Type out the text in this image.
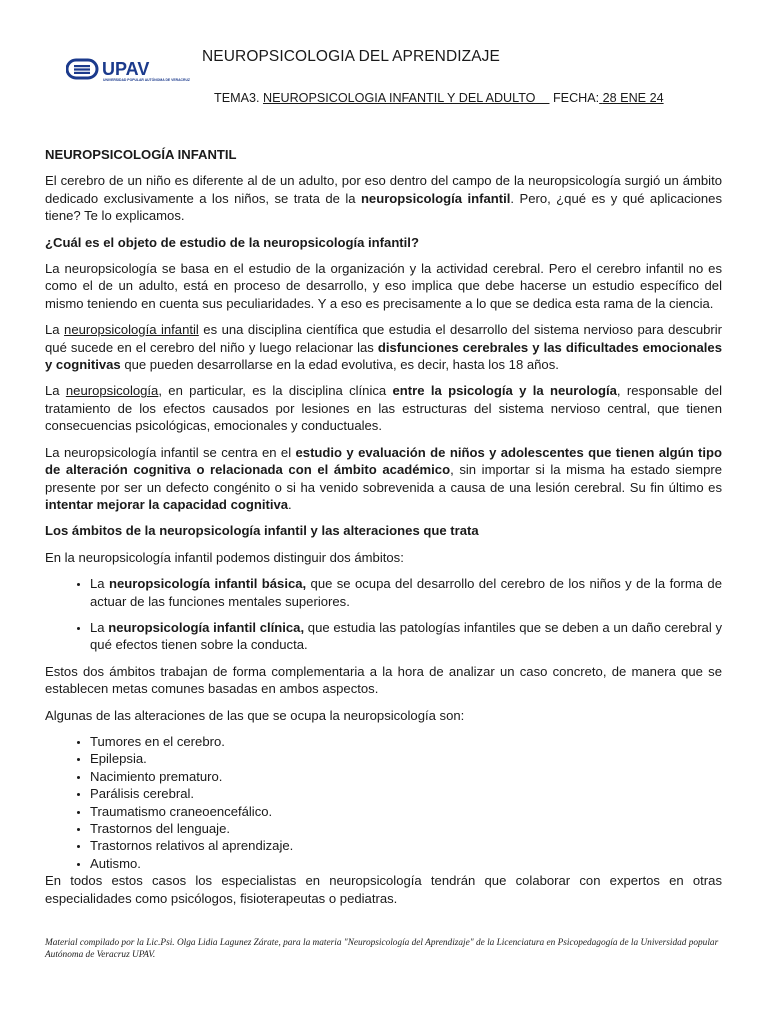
UPAV
UNIVERSIDAD POPULAR AUTÓNOMA DE VERACRUZ
NEUROPSICOLOGIA DEL APRENDIZAJE
TEMA3. NEUROPSICOLOGIA INFANTIL Y DEL ADULTO FECHA: 28 ENE 24

NEUROPSICOLOGÍA INFANTIL

El cerebro de un niño es diferente al de un adulto, por eso dentro del campo de la neuropsicología surgió un ámbito dedicado exclusivamente a los niños, se trata de la neuropsicología infantil. Pero, ¿qué es y qué aplicaciones tiene? Te lo explicamos.

¿Cuál es el objeto de estudio de la neuropsicología infantil?

La neuropsicología se basa en el estudio de la organización y la actividad cerebral. Pero el cerebro infantil no es como el de un adulto, está en proceso de desarrollo, y eso implica que debe hacerse un estudio específico del mismo teniendo en cuenta sus peculiaridades. Y a eso es precisamente a lo que se dedica esta rama de la ciencia.

La neuropsicología infantil es una disciplina científica que estudia el desarrollo del sistema nervioso para descubrir qué sucede en el cerebro del niño y luego relacionar las disfunciones cerebrales y las dificultades emocionales y cognitivas que pueden desarrollarse en la edad evolutiva, es decir, hasta los 18 años.

La neuropsicología, en particular, es la disciplina clínica entre la psicología y la neurología, responsable del tratamiento de los efectos causados por lesiones en las estructuras del sistema nervioso central, que tienen consecuencias psicológicas, emocionales y conductuales.

La neuropsicología infantil se centra en el estudio y evaluación de niños y adolescentes que tienen algún tipo de alteración cognitiva o relacionada con el ámbito académico, sin importar si la misma ha estado siempre presente por ser un defecto congénito o si ha venido sobrevenida a causa de una lesión cerebral. Su fin último es intentar mejorar la capacidad cognitiva.

Los ámbitos de la neuropsicología infantil y las alteraciones que trata

En la neuropsicología infantil podemos distinguir dos ámbitos:

• La neuropsicología infantil básica, que se ocupa del desarrollo del cerebro de los niños y de la forma de actuar de las funciones mentales superiores.
• La neuropsicología infantil clínica, que estudia las patologías infantiles que se deben a un daño cerebral y qué efectos tienen sobre la conducta.

Estos dos ámbitos trabajan de forma complementaria a la hora de analizar un caso concreto, de manera que se establecen metas comunes basadas en ambos aspectos.

Algunas de las alteraciones de las que se ocupa la neuropsicología son:

• Tumores en el cerebro.
• Epilepsia.
• Nacimiento prematuro.
• Parálisis cerebral.
• Traumatismo craneoencefálico.
• Trastornos del lenguaje.
• Trastornos relativos al aprendizaje.
• Autismo.

En todos estos casos los especialistas en neuropsicología tendrán que colaborar con expertos en otras especialidades como psicólogos, fisioterapeutas o pediatras.

Material compilado por la Lic.Psi. Olga Lidia Lagunez Zárate, para la materia "Neuropsicología del Aprendizaje" de la Licenciatura en Psicopedagogía de la Universidad popular Autónoma de Veracruz UPAV.
